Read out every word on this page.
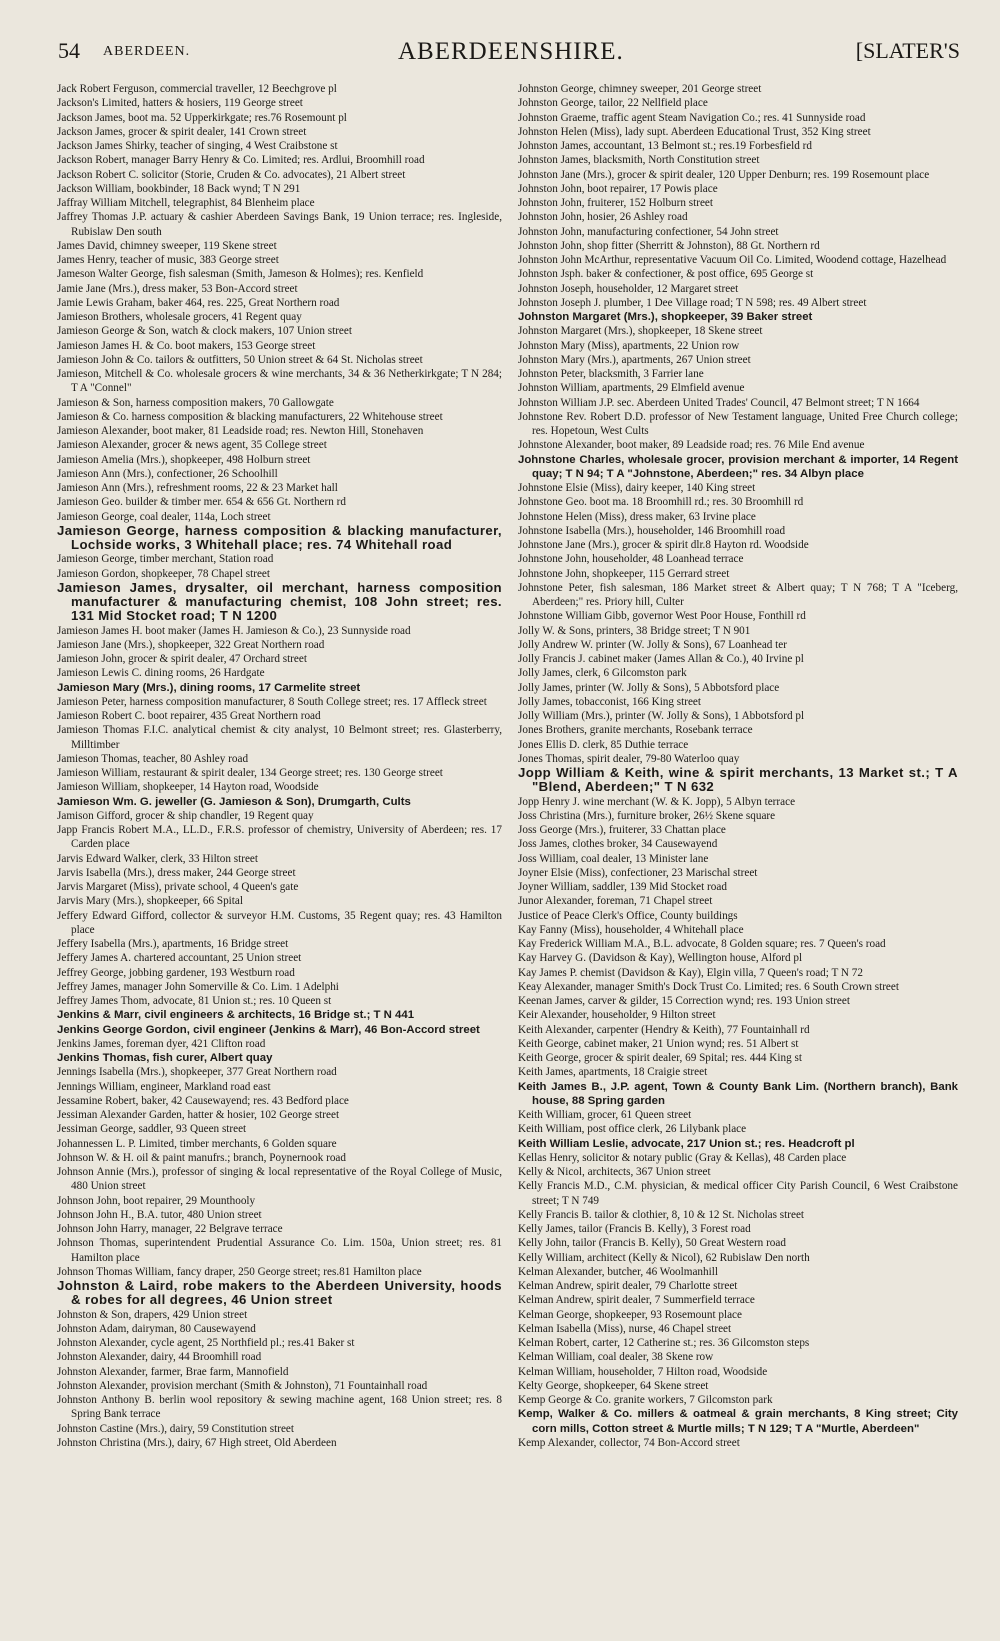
54 ABERDEEN.	ABERDEENSHIRE.	[SLATER'S

Jack Robert Ferguson, commercial traveller, 12 Beechgrove pl

Jackson's Limited, hatters & hosiers, 119 George street

Jackson James, boot ma. 52 Upperkirkgate; res.76 Rosemount pl

Jackson James, grocer & spirit dealer, 141 Crown street

Jackson James Shirky, teacher of singing, 4 West Craibstone st

Jackson Robert, manager Barry Henry & Co. Limited; res. Ardlui, Broomhill road

Jackson Robert C. solicitor (Storie, Cruden & Co. advocates), 21 Albert street

Jackson William, bookbinder, 18 Back wynd; T N 291

Jaffray William Mitchell, telegraphist, 84 Blenheim place

Jaffrey Thomas J.P. actuary & cashier Aberdeen Savings Bank, 19 Union terrace; res. Ingleside, Rubislaw Den south

James David, chimney sweeper, 119 Skene street

James Henry, teacher of music, 383 George street

Jameson Walter George, fish salesman (Smith, Jameson & Holmes); res. Kenfield

Jamie Jane (Mrs.), dress maker, 53 Bon-Accord street

Jamie Lewis Graham, baker 464, res. 225, Great Northern road

Jamieson Brothers, wholesale grocers, 41 Regent quay

Jamieson George & Son, watch & clock makers, 107 Union street

Jamieson James H. & Co. boot makers, 153 George street

Jamieson John & Co. tailors & outfitters, 50 Union street & 64 St. Nicholas street

Jamieson, Mitchell & Co. wholesale grocers & wine merchants, 34 & 36 Netherkirkgate; T N 284; T A "Connel"

Jamieson & Son, harness composition makers, 70 Gallowgate

Jamieson & Co. harness composition & blacking manufacturers, 22 Whitehouse street

Jamieson Alexander, boot maker, 81 Leadside road; res. Newton Hill, Stonehaven

Jamieson Alexander, grocer & news agent, 35 College street

Jamieson Amelia (Mrs.), shopkeeper, 498 Holburn street

Jamieson Ann (Mrs.), confectioner, 26 Schoolhill

Jamieson Ann (Mrs.), refreshment rooms, 22 & 23 Market hall

Jamieson Geo. builder & timber mer. 654 & 656 Gt. Northern rd

Jamieson George, coal dealer, 114a, Loch street

Jamieson George, harness composition & blacking manufacturer, Lochside works, 3 Whitehall place; res. 74 Whitehall road

Jamieson George, timber merchant, Station road

Jamieson Gordon, shopkeeper, 78 Chapel street

Jamieson James, drysalter, oil merchant, harness composition manufacturer & manufacturing chemist, 108 John street; res. 131 Mid Stocket road; T N 1200

Jamieson James H. boot maker (James H. Jamieson & Co.), 23 Sunnyside road

Jamieson Jane (Mrs.), shopkeeper, 322 Great Northern road

Jamieson John, grocer & spirit dealer, 47 Orchard street

Jamieson Lewis C. dining rooms, 26 Hardgate

Jamieson Mary (Mrs.), dining rooms, 17 Carmelite street

Jamieson Peter, harness composition manufacturer, 8 South College street; res. 17 Affleck street

Jamieson Robert C. boot repairer, 435 Great Northern road

Jamieson Thomas F.I.C. analytical chemist & city analyst, 10 Belmont street; res. Glasterberry, Milltimber

Jamieson Thomas, teacher, 80 Ashley road

Jamieson William, restaurant & spirit dealer, 134 George street; res. 130 George street

Jamieson William, shopkeeper, 14 Hayton road, Woodside

Jamieson Wm. G. jeweller (G. Jamieson & Son), Drumgarth, Cults

Jamison Gifford, grocer & ship chandler, 19 Regent quay

Japp Francis Robert M.A., LL.D., F.R.S. professor of chemistry, University of Aberdeen; res. 17 Carden place

Jarvis Edward Walker, clerk, 33 Hilton street

Jarvis Isabella (Mrs.), dress maker, 244 George street

Jarvis Margaret (Miss), private school, 4 Queen's gate

Jarvis Mary (Mrs.), shopkeeper, 66 Spital

Jeffery Edward Gifford, collector & surveyor H.M. Customs, 35 Regent quay; res. 43 Hamilton place

Jeffery Isabella (Mrs.), apartments, 16 Bridge street

Jeffery James A. chartered accountant, 25 Union street

Jeffrey George, jobbing gardener, 193 Westburn road

Jeffrey James, manager John Somerville & Co. Lim. 1 Adelphi

Jeffrey James Thom, advocate, 81 Union st.; res. 10 Queen st

Jenkins & Marr, civil engineers & architects, 16 Bridge st.; T N 441

Jenkins George Gordon, civil engineer (Jenkins & Marr), 46 Bon-Accord street

Jenkins James, foreman dyer, 421 Clifton road

Jenkins Thomas, fish curer, Albert quay

Jennings Isabella (Mrs.), shopkeeper, 377 Great Northern road

Jennings William, engineer, Markland road east

Jessamine Robert, baker, 42 Causewayend; res. 43 Bedford place

Jessiman Alexander Garden, hatter & hosier, 102 George street

Jessiman George, saddler, 93 Queen street

Johannessen L. P. Limited, timber merchants, 6 Golden square

Johnson W. & H. oil & paint manufrs.; branch, Poynernook road

Johnson Annie (Mrs.), professor of singing & local representative of the Royal College of Music, 480 Union street

Johnson John, boot repairer, 29 Mounthooly

Johnson John H., B.A. tutor, 480 Union street

Johnson John Harry, manager, 22 Belgrave terrace

Johnson Thomas, superintendent Prudential Assurance Co. Lim. 150a, Union street; res. 81 Hamilton place

Johnson Thomas William, fancy draper, 250 George street; res.81 Hamilton place

Johnston & Laird, robe makers to the Aberdeen University, hoods & robes for all degrees, 46 Union street

Johnston & Son, drapers, 429 Union street

Johnston Adam, dairyman, 80 Causewayend

Johnston Alexander, cycle agent, 25 Northfield pl.; res.41 Baker st

Johnston Alexander, dairy, 44 Broomhill road

Johnston Alexander, farmer, Brae farm, Mannofield

Johnston Alexander, provision merchant (Smith & Johnston), 71 Fountainhall road

Johnston Anthony B. berlin wool repository & sewing machine agent, 168 Union street; res. 8 Spring Bank terrace

Johnston Castine (Mrs.), dairy, 59 Constitution street

Johnston Christina (Mrs.), dairy, 67 High street, Old Aberdeen

Johnston George, chimney sweeper, 201 George street

Johnston George, tailor, 22 Nellfield place

Johnston Graeme, traffic agent Steam Navigation Co.; res. 41 Sunnyside road

Johnston Helen (Miss), lady supt. Aberdeen Educational Trust, 352 King street

Johnston James, accountant, 13 Belmont st.; res.19 Forbesfield rd

Johnston James, blacksmith, North Constitution street

Johnston Jane (Mrs.), grocer & spirit dealer, 120 Upper Denburn; res. 199 Rosemount place

Johnston John, boot repairer, 17 Powis place

Johnston John, fruiterer, 152 Holburn street

Johnston John, hosier, 26 Ashley road

Johnston John, manufacturing confectioner, 54 John street

Johnston John, shop fitter (Sherritt & Johnston), 88 Gt. Northern rd

Johnston John McArthur, representative Vacuum Oil Co. Limited, Woodend cottage, Hazelhead

Johnston Jsph. baker & confectioner, & post office, 695 George st

Johnston Joseph, householder, 12 Margaret street

Johnston Joseph J. plumber, 1 Dee Village road; T N 598; res. 49 Albert street

Johnston Margaret (Mrs.), shopkeeper, 39 Baker street

Johnston Margaret (Mrs.), shopkeeper, 18 Skene street

Johnston Mary (Miss), apartments, 22 Union row

Johnston Mary (Mrs.), apartments, 267 Union street

Johnston Peter, blacksmith, 3 Farrier lane

Johnston William, apartments, 29 Elmfield avenue

Johnston William J.P. sec. Aberdeen United Trades' Council, 47 Belmont street; T N 1664

Johnstone Rev. Robert D.D. professor of New Testament language, United Free Church college; res. Hopetoun, West Cults

Johnstone Alexander, boot maker, 89 Leadside road; res. 76 Mile End avenue

Johnstone Charles, wholesale grocer, provision merchant & importer, 14 Regent quay; T N 94; T A "Johnstone, Aberdeen;" res. 34 Albyn place

Johnstone Elsie (Miss), dairy keeper, 140 King street

Johnstone Geo. boot ma. 18 Broomhill rd.; res. 30 Broomhill rd

Johnstone Helen (Miss), dress maker, 63 Irvine place

Johnstone Isabella (Mrs.), householder, 146 Broomhill road

Johnstone Jane (Mrs.), grocer & spirit dlr.8 Hayton rd. Woodside

Johnstone John, householder, 48 Loanhead terrace

Johnstone John, shopkeeper, 115 Gerrard street

Johnstone Peter, fish salesman, 186 Market street & Albert quay; T N 768; T A "Iceberg, Aberdeen;" res. Priory hill, Culter

Johnstone William Gibb, governor West Poor House, Fonthill rd

Jolly W. & Sons, printers, 38 Bridge street; T N 901

Jolly Andrew W. printer (W. Jolly & Sons), 67 Loanhead ter

Jolly Francis J. cabinet maker (James Allan & Co.), 40 Irvine pl

Jolly James, clerk, 6 Gilcomston park

Jolly James, printer (W. Jolly & Sons), 5 Abbotsford place

Jolly James, tobacconist, 166 King street

Jolly William (Mrs.), printer (W. Jolly & Sons), 1 Abbotsford pl

Jones Brothers, granite merchants, Rosebank terrace

Jones Ellis D. clerk, 85 Duthie terrace

Jones Thomas, spirit dealer, 79-80 Waterloo quay

Jopp William & Keith, wine & spirit merchants, 13 Market st.; T A "Blend, Aberdeen;" T N 632

Jopp Henry J. wine merchant (W. & K. Jopp), 5 Albyn terrace

Joss Christina (Mrs.), furniture broker, 26½ Skene square

Joss George (Mrs.), fruiterer, 33 Chattan place

Joss James, clothes broker, 34 Causewayend

Joss William, coal dealer, 13 Minister lane

Joyner Elsie (Miss), confectioner, 23 Marischal street

Joyner William, saddler, 139 Mid Stocket road

Junor Alexander, foreman, 71 Chapel street

Justice of Peace Clerk's Office, County buildings

Kay Fanny (Miss), householder, 4 Whitehall place

Kay Frederick William M.A., B.L. advocate, 8 Golden square; res. 7 Queen's road

Kay Harvey G. (Davidson & Kay), Wellington house, Alford pl

Kay James P. chemist (Davidson & Kay), Elgin villa, 7 Queen's road; T N 72

Keay Alexander, manager Smith's Dock Trust Co. Limited; res. 6 South Crown street

Keenan James, carver & gilder, 15 Correction wynd; res. 193 Union street

Keir Alexander, householder, 9 Hilton street

Keith Alexander, carpenter (Hendry & Keith), 77 Fountainhall rd

Keith George, cabinet maker, 21 Union wynd; res. 51 Albert st

Keith George, grocer & spirit dealer, 69 Spital; res. 444 King st

Keith James, apartments, 18 Craigie street

Keith James B., J.P. agent, Town & County Bank Lim. (Northern branch), Bank house, 88 Spring garden

Keith William, grocer, 61 Queen street

Keith William, post office clerk, 26 Lilybank place

Keith William Leslie, advocate, 217 Union st.; res. Headcroft pl

Kellas Henry, solicitor & notary public (Gray & Kellas), 48 Carden place

Kelly & Nicol, architects, 367 Union street

Kelly Francis M.D., C.M. physician, & medical officer City Parish Council, 6 West Craibstone street; T N 749

Kelly Francis B. tailor & clothier, 8, 10 & 12 St. Nicholas street

Kelly James, tailor (Francis B. Kelly), 3 Forest road

Kelly John, tailor (Francis B. Kelly), 50 Great Western road

Kelly William, architect (Kelly & Nicol), 62 Rubislaw Den north

Kelman Alexander, butcher, 46 Woolmanhill

Kelman Andrew, spirit dealer, 79 Charlotte street

Kelman Andrew, spirit dealer, 7 Summerfield terrace

Kelman George, shopkeeper, 93 Rosemount place

Kelman Isabella (Miss), nurse, 46 Chapel street

Kelman Robert, carter, 12 Catherine st.; res. 36 Gilcomston steps

Kelman William, coal dealer, 38 Skene row

Kelman William, householder, 7 Hilton road, Woodside

Kelty George, shopkeeper, 64 Skene street

Kemp George & Co. granite workers, 7 Gilcomston park

Kemp, Walker & Co. millers & oatmeal & grain merchants, 8 King street; City corn mills, Cotton street & Murtle mills; T N 129; T A "Murtle, Aberdeen"

Kemp Alexander, collector, 74 Bon-Accord street
